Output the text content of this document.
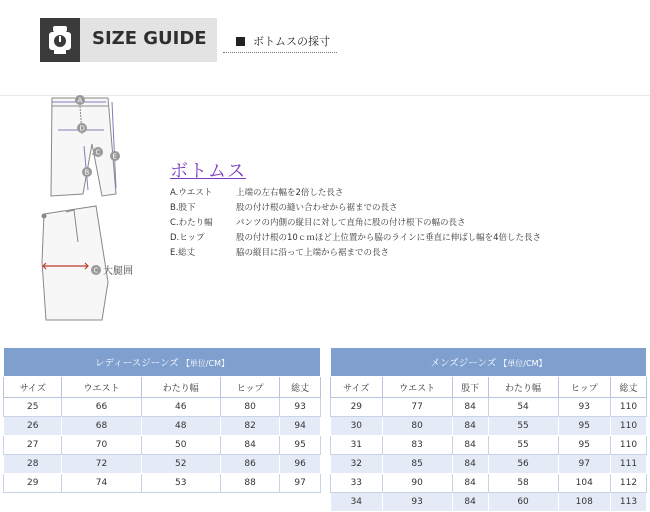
SIZE GUIDE	ボトムスの採寸
A
D
C E
B
C 大腿囲
ボトムス
A.ウエスト	上端の左右幅を2倍した長さ
B.股下	股の付け根の縫い合わせから裾までの長さ
C.わたり幅	パンツの内側の縦目に対して直角に股の付け根下の幅の長さ
D.ヒップ	股の付け根の10ｃｍほど上位置から脇のラインに垂直に伸ばし幅を4倍した長さ
E.総丈	脇の縦目に沿って上端から裾までの長さ
レディースジーンズ 【単位/CM】				
サイズ	ウエスト	わたり幅	ヒップ	総丈
25	66	46	80	93
26	68	48	82	94
27	70	50	84	95
28	72	52	86	96
29	74	53	88	97
メンズジーンズ 【単位/CM】					
サイズ	ウエスト	股下	わたり幅	ヒップ	総丈
29	77	84	54	93	110
30	80	84	55	95	110
31	83	84	55	95	110
32	85	84	56	97	111
33	90	84	58	104	112
34	93	84	60	108	113
